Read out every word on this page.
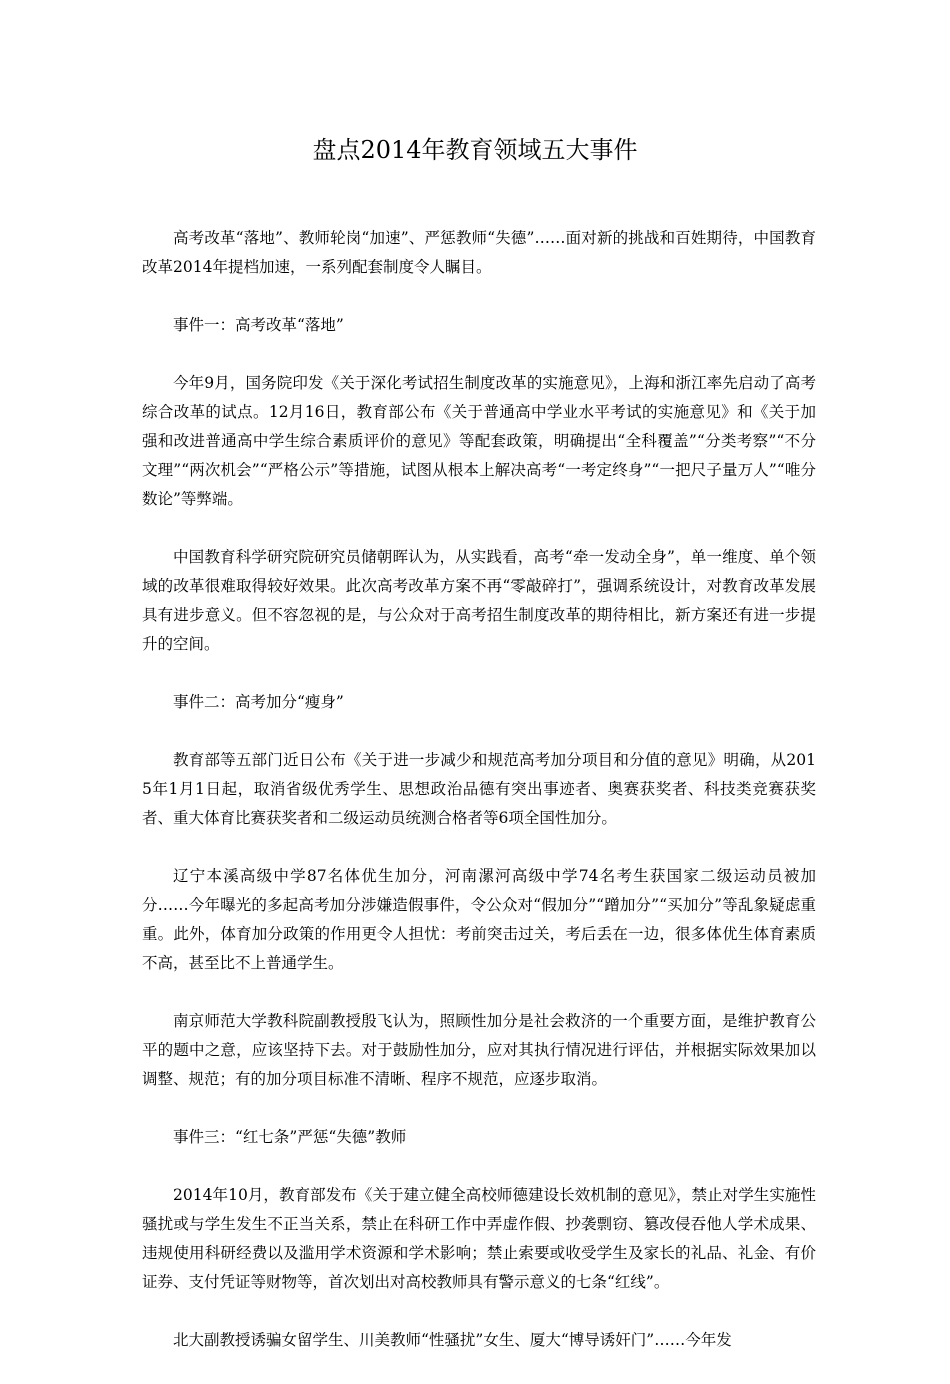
盘点2014年教育领域五大事件

高考改革“落地”、教师轮岗“加速”、严惩教师“失德”……面对新的挑战和百姓期待，中国教育改革2014年提档加速，一系列配套制度令人瞩目。

事件一：高考改革“落地”

今年9月，国务院印发《关于深化考试招生制度改革的实施意见》，上海和浙江率先启动了高考综合改革的试点。12月16日，教育部公布《关于普通高中学业水平考试的实施意见》和《关于加强和改进普通高中学生综合素质评价的意见》等配套政策，明确提出“全科覆盖”“分类考察”“不分文理”“两次机会”“严格公示”等措施，试图从根本上解决高考“一考定终身”“一把尺子量万人”“唯分数论”等弊端。

中国教育科学研究院研究员储朝晖认为，从实践看，高考“牵一发动全身”，单一维度、单个领域的改革很难取得较好效果。此次高考改革方案不再“零敲碎打”，强调系统设计，对教育改革发展具有进步意义。但不容忽视的是，与公众对于高考招生制度改革的期待相比，新方案还有进一步提升的空间。

事件二：高考加分“瘦身”

教育部等五部门近日公布《关于进一步减少和规范高考加分项目和分值的意见》明确，从2015年1月1日起，取消省级优秀学生、思想政治品德有突出事迹者、奥赛获奖者、科技类竞赛获奖者、重大体育比赛获奖者和二级运动员统测合格者等6项全国性加分。

辽宁本溪高级中学87名体优生加分，河南漯河高级中学74名考生获国家二级运动员被加分……今年曝光的多起高考加分涉嫌造假事件，令公众对“假加分”“蹭加分”“买加分”等乱象疑虑重重。此外，体育加分政策的作用更令人担忧：考前突击过关，考后丢在一边，很多体优生体育素质不高，甚至比不上普通学生。

南京师范大学教科院副教授殷飞认为，照顾性加分是社会救济的一个重要方面，是维护教育公平的题中之意，应该坚持下去。对于鼓励性加分，应对其执行情况进行评估，并根据实际效果加以调整、规范；有的加分项目标准不清晰、程序不规范，应逐步取消。

事件三：“红七条”严惩“失德”教师

2014年10月，教育部发布《关于建立健全高校师德建设长效机制的意见》，禁止对学生实施性骚扰或与学生发生不正当关系，禁止在科研工作中弄虚作假、抄袭剽窃、篡改侵吞他人学术成果、违规使用科研经费以及滥用学术资源和学术影响；禁止索要或收受学生及家长的礼品、礼金、有价证券、支付凭证等财物等，首次划出对高校教师具有警示意义的七条“红线”。

北大副教授诱骗女留学生、川美教师“性骚扰”女生、厦大“博导诱奸门”……今年发
